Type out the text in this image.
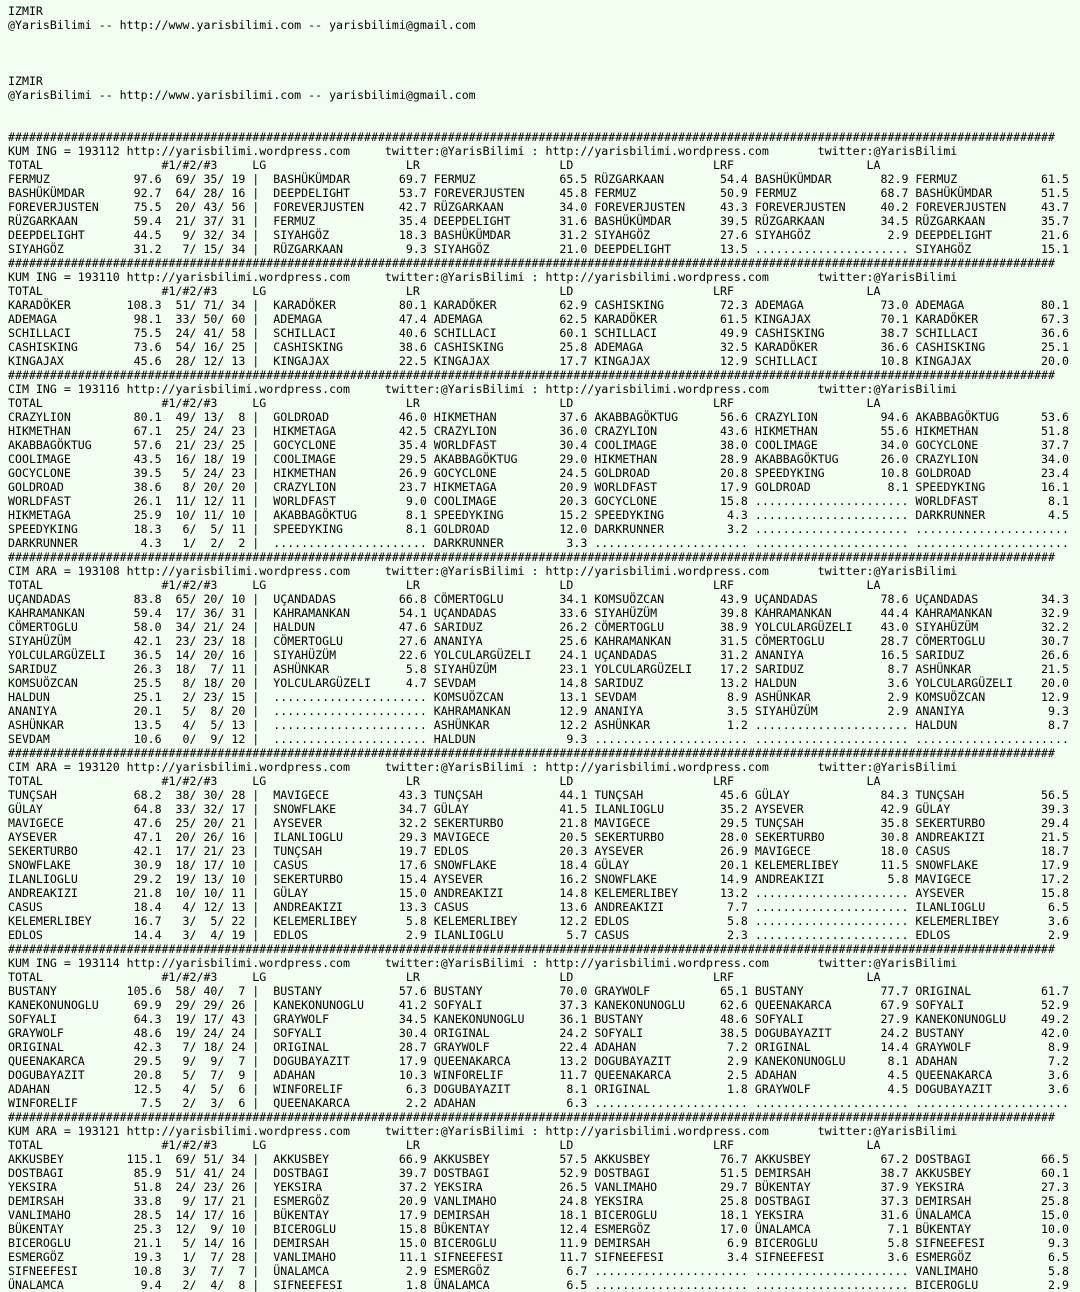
IZMIR
@YarisBilimi -- http://www.yarisbilimi.com -- yarisbilimi@gmail.com
IZMIR
@YarisBilimi -- http://www.yarisbilimi.com -- yarisbilimi@gmail.com
######################################################################################################################################################
KUM ING = 193112 http://yarisbilimi.wordpress.com     twitter:@YarisBilimi : http://yarisbilimi.wordpress.com       twitter:@YarisBilimi
TOTAL                 #1/#2/#3     LG                    LR                    LD                    LRF                   LA
FERMUZ            97.6  69/ 35/ 19 |  BASHÜKÜMDAR       69.7 FERMUZ            65.5 RÜZGARKAAN        54.4 BASHÜKÜMDAR       82.9 FERMUZ            61.5
BASHÜKÜMDAR       92.7  64/ 28/ 16 |  DEEPDELIGHT       53.7 FOREVERJUSTEN     45.8 FERMUZ            50.9 FERMUZ            68.7 BASHÜKÜMDAR       51.5
FOREVERJUSTEN     75.5  20/ 43/ 56 |  FOREVERJUSTEN     42.7 RÜZGARKAAN        34.0 FOREVERJUSTEN     43.3 FOREVERJUSTEN     40.2 FOREVERJUSTEN     43.7
RÜZGARKAAN        59.4  21/ 37/ 31 |  FERMUZ            35.4 DEEPDELIGHT       31.6 BASHÜKÜMDAR       39.5 RÜZGARKAAN        34.5 RÜZGARKAAN        35.7
DEEPDELIGHT       44.5   9/ 32/ 34 |  SIYAHGÖZ          18.3 BASHÜKÜMDAR       31.2 SIYAHGÖZ          27.6 SIYAHGÖZ           2.9 DEEPDELIGHT       21.6
SIYAHGÖZ          31.2   7/ 15/ 34 |  RÜZGARKAAN         9.3 SIYAHGÖZ          21.0 DEEPDELIGHT       13.5 ...................... SIYAHGÖZ          15.1
######################################################################################################################################################
KUM ING = 193110 http://yarisbilimi.wordpress.com     twitter:@YarisBilimi : http://yarisbilimi.wordpress.com       twitter:@YarisBilimi
TOTAL                 #1/#2/#3     LG                    LR                    LD                    LRF                   LA
KARADÖKER        108.3  51/ 71/ 34 |  KARADÖKER         80.1 KARADÖKER         62.9 CASHISKING        72.3 ADEMAGA           73.0 ADEMAGA           80.1
ADEMAGA           98.1  33/ 50/ 60 |  ADEMAGA           47.4 ADEMAGA           62.5 KARADÖKER         61.5 KINGAJAX          70.1 KARADÖKER         67.3
SCHILLACI         75.5  24/ 41/ 58 |  SCHILLACI         40.6 SCHILLACI         60.1 SCHILLACI         49.9 CASHISKING        38.7 SCHILLACI         36.6
CASHISKING        73.6  54/ 16/ 25 |  CASHISKING        38.6 CASHISKING        25.8 ADEMAGA           32.5 KARADÖKER         36.6 CASHISKING        25.1
KINGAJAX          45.6  28/ 12/ 13 |  KINGAJAX          22.5 KINGAJAX          17.7 KINGAJAX          12.9 SCHILLACI         10.8 KINGAJAX          20.0
######################################################################################################################################################
CIM ING = 193116 http://yarisbilimi.wordpress.com     twitter:@YarisBilimi : http://yarisbilimi.wordpress.com       twitter:@YarisBilimi
TOTAL                 #1/#2/#3     LG                    LR                    LD                    LRF                   LA
CRAZYLION         80.1  49/ 13/  8 |  GOLDROAD          46.0 HIKMETHAN         37.6 AKABBAGÖKTUG      56.6 CRAZYLION         94.6 AKABBAGÖKTUG      53.6
HIKMETHAN         67.1  25/ 24/ 23 |  HIKMETAGA         42.5 CRAZYLION         36.0 CRAZYLION         43.6 HIKMETHAN         55.6 HIKMETHAN         51.8
AKABBAGÖKTUG      57.6  21/ 23/ 25 |  GOCYCLONE         35.4 WORLDFAST         30.4 COOLIMAGE         38.0 COOLIMAGE         34.0 GOCYCLONE         37.7
COOLIMAGE         43.5  16/ 18/ 19 |  COOLIMAGE         29.5 AKABBAGÖKTUG      29.0 HIKMETHAN         28.9 AKABBAGÖKTUG      26.0 CRAZYLION         34.0
GOCYCLONE         39.5   5/ 24/ 23 |  HIKMETHAN         26.9 GOCYCLONE         24.5 GOLDROAD          20.8 SPEEDYKING        10.8 GOLDROAD          23.4
GOLDROAD          38.6   8/ 20/ 20 |  CRAZYLION         23.7 HIKMETAGA         20.9 WORLDFAST         17.9 GOLDROAD           8.1 SPEEDYKING        16.1
WORLDFAST         26.1  11/ 12/ 11 |  WORLDFAST          9.0 COOLIMAGE         20.3 GOCYCLONE         15.8 ...................... WORLDFAST          8.1
HIKMETAGA         25.9  10/ 11/ 10 |  AKABBAGÖKTUG       8.1 SPEEDYKING        15.2 SPEEDYKING         4.3 ...................... DARKRUNNER         4.5
SPEEDYKING        18.3   6/  5/ 11 |  SPEEDYKING         8.1 GOLDROAD          12.0 DARKRUNNER         3.2 ...................... ......................
DARKRUNNER         4.3   1/  2/  2 |  ...................... DARKRUNNER         3.3 ...................... ...................... ......................
######################################################################################################################################################
CIM ARA = 193108 http://yarisbilimi.wordpress.com     twitter:@YarisBilimi : http://yarisbilimi.wordpress.com       twitter:@YarisBilimi
TOTAL                 #1/#2/#3     LG                    LR                    LD                    LRF                   LA
UÇANDADAS         83.8  65/ 20/ 10 |  UÇANDADAS         66.8 CÖMERTOGLU        34.1 KOMSUÖZCAN        43.9 UÇANDADAS         78.6 UÇANDADAS         34.3
KAHRAMANKAN       59.4  17/ 36/ 31 |  KAHRAMANKAN       54.1 UÇANDADAS         33.6 SIYAHÜZÜM         39.8 KAHRAMANKAN       44.4 KAHRAMANKAN       32.9
CÖMERTOGLU        58.0  34/ 21/ 24 |  HALDUN            47.6 SARIDUZ           26.2 CÖMERTOGLU        38.9 YOLCULARGÜZELI    43.0 SIYAHÜZÜM         32.2
SIYAHÜZÜM         42.1  23/ 23/ 18 |  CÖMERTOGLU        27.6 ANANIYA           25.6 KAHRAMANKAN       31.5 CÖMERTOGLU        28.7 CÖMERTOGLU        30.7
YOLCULARGÜZELI    36.5  14/ 20/ 16 |  SIYAHÜZÜM         22.6 YOLCULARGÜZELI    24.1 UÇANDADAS         31.2 ANANIYA           16.5 SARIDUZ           26.6
SARIDUZ           26.3  18/  7/ 11 |  ASHÜNKAR           5.8 SIYAHÜZÜM         23.1 YOLCULARGÜZELI    17.2 SARIDUZ            8.7 ASHÜNKAR          21.5
KOMSUÖZCAN        25.5   8/ 18/ 20 |  YOLCULARGÜZELI     4.7 SEVDAM            14.8 SARIDUZ           13.2 HALDUN             3.6 YOLCULARGÜZELI    20.0
HALDUN            25.1   2/ 23/ 15 |  ...................... KOMSUÖZCAN        13.1 SEVDAM             8.9 ASHÜNKAR           2.9 KOMSUÖZCAN        12.9
ANANIYA           20.1   5/  8/ 20 |  ...................... KAHRAMANKAN       12.9 ANANIYA            3.5 SIYAHÜZÜM          2.9 ANANIYA            9.3
ASHÜNKAR          13.5   4/  5/ 13 |  ...................... ASHÜNKAR          12.2 ASHÜNKAR           1.2 ...................... HALDUN             8.7
SEVDAM            10.6   0/  9/ 12 |  ...................... HALDUN             9.3 ...................... ...................... ......................
######################################################################################################################################################
CIM ARA = 193120 http://yarisbilimi.wordpress.com     twitter:@YarisBilimi : http://yarisbilimi.wordpress.com       twitter:@YarisBilimi
TOTAL                 #1/#2/#3     LG                    LR                    LD                    LRF                   LA
TUNÇSAH           68.2  38/ 30/ 28 |  MAVIGECE          43.3 TUNÇSAH           44.1 TUNÇSAH           45.6 GÜLAY             84.3 TUNÇSAH           56.5
GÜLAY             64.8  33/ 32/ 17 |  SNOWFLAKE         34.7 GÜLAY             41.5 ILANLIOGLU        35.2 AYSEVER           42.9 GÜLAY             39.3
MAVIGECE          47.6  25/ 20/ 21 |  AYSEVER           32.2 SEKERTURBO        21.8 MAVIGECE          29.5 TUNÇSAH           35.8 SEKERTURBO        29.4
AYSEVER           47.1  20/ 26/ 16 |  ILANLIOGLU        29.3 MAVIGECE          20.5 SEKERTURBO        28.0 SEKERTURBO        30.8 ANDREAKIZI        21.5
SEKERTURBO        42.1  17/ 21/ 23 |  TUNÇSAH           19.7 EDLOS             20.3 AYSEVER           26.9 MAVIGECE          18.0 CASUS             18.7
SNOWFLAKE         30.9  18/ 17/ 10 |  CASUS             17.6 SNOWFLAKE         18.4 GÜLAY             20.1 KELEMERLIBEY      11.5 SNOWFLAKE         17.9
ILANLIOGLU        29.2  19/ 13/ 10 |  SEKERTURBO        15.4 AYSEVER           16.2 SNOWFLAKE         14.9 ANDREAKIZI         5.8 MAVIGECE          17.2
ANDREAKIZI        21.8  10/ 10/ 11 |  GÜLAY             15.0 ANDREAKIZI        14.8 KELEMERLIBEY      13.2 ...................... AYSEVER           15.8
CASUS             18.4   4/ 12/ 13 |  ANDREAKIZI        13.3 CASUS             13.6 ANDREAKIZI         7.7 ...................... ILANLIOGLU         6.5
KELEMERLIBEY      16.7   3/  5/ 22 |  KELEMERLIBEY       5.8 KELEMERLIBEY      12.2 EDLOS              5.8 ...................... KELEMERLIBEY       3.6
EDLOS             14.4   3/  4/ 19 |  EDLOS              2.9 ILANLIOGLU         5.7 CASUS              2.3 ...................... EDLOS              2.9
######################################################################################################################################################
KUM ING = 193114 http://yarisbilimi.wordpress.com     twitter:@YarisBilimi : http://yarisbilimi.wordpress.com       twitter:@YarisBilimi
TOTAL                 #1/#2/#3     LG                    LR                    LD                    LRF                   LA
BUSTANY          105.6  58/ 40/  7 |  BUSTANY           57.6 BUSTANY           70.0 GRAYWOLF          65.1 BUSTANY           77.7 ORIGINAL          61.7
KANEKONUNOGLU     69.9  29/ 29/ 26 |  KANEKONUNOGLU     41.2 SOFYALI           37.3 KANEKONUNOGLU     62.6 QUEENAKARCA       67.9 SOFYALI           52.9
SOFYALI           64.3  19/ 17/ 43 |  GRAYWOLF          34.5 KANEKONUNOGLU     36.1 BUSTANY           48.6 SOFYALI           27.9 KANEKONUNOGLU     49.2
GRAYWOLF          48.6  19/ 24/ 24 |  SOFYALI           30.4 ORIGINAL          24.2 SOFYALI           38.5 DOGUBAYAZIT       24.2 BUSTANY           42.0
ORIGINAL          42.3   7/ 18/ 24 |  ORIGINAL          28.7 GRAYWOLF          22.4 ADAHAN             7.2 ORIGINAL          14.4 GRAYWOLF           8.9
QUEENAKARCA       29.5   9/  9/  7 |  DOGUBAYAZIT       17.9 QUEENAKARCA       13.2 DOGUBAYAZIT        2.9 KANEKONUNOGLU      8.1 ADAHAN             7.2
DOGUBAYAZIT       20.8   5/  7/  9 |  ADAHAN            10.3 WINFORELIF        11.7 QUEENAKARCA        2.5 ADAHAN             4.5 QUEENAKARCA        3.6
ADAHAN            12.5   4/  5/  6 |  WINFORELIF         6.3 DOGUBAYAZIT        8.1 ORIGINAL           1.8 GRAYWOLF           4.5 DOGUBAYAZIT        3.6
WINFORELIF         7.5   2/  3/  6 |  QUEENAKARCA        2.2 ADAHAN             6.3 ...................... ...................... ......................
######################################################################################################################################################
KUM ARA = 193121 http://yarisbilimi.wordpress.com     twitter:@YarisBilimi : http://yarisbilimi.wordpress.com       twitter:@YarisBilimi
TOTAL                 #1/#2/#3     LG                    LR                    LD                    LRF                   LA
AKKUSBEY         115.1  69/ 51/ 34 |  AKKUSBEY          66.9 AKKUSBEY          57.5 AKKUSBEY          76.7 AKKUSBEY          67.2 DOSTBAGI          66.5
DOSTBAGI          85.9  51/ 41/ 24 |  DOSTBAGI          39.7 DOSTBAGI          52.9 DOSTBAGI          51.5 DEMIRSAH          38.7 AKKUSBEY          60.1
YEKSIRA           51.8  24/ 23/ 26 |  YEKSIRA           37.2 YEKSIRA           26.5 VANLIMAHO         29.7 BÜKENTAY          37.9 YEKSIRA           27.3
DEMIRSAH          33.8   9/ 17/ 21 |  ESMERGÖZ          20.9 VANLIMAHO         24.8 YEKSIRA           25.8 DOSTBAGI          37.3 DEMIRSAH          25.8
VANLIMAHO         28.5  14/ 17/ 16 |  BÜKENTAY          17.9 DEMIRSAH          18.1 BICEROGLU         18.1 YEKSIRA           31.6 ÜNALAMCA          15.0
BÜKENTAY          25.3  12/  9/ 10 |  BICEROGLU         15.8 BÜKENTAY          12.4 ESMERGÖZ          17.0 ÜNALAMCA           7.1 BÜKENTAY          10.0
BICEROGLU         21.1   5/ 14/ 16 |  DEMIRSAH          15.0 BICEROGLU         11.9 DEMIRSAH           6.9 BICEROGLU          5.8 SIFNEEFESI         9.3
ESMERGÖZ          19.3   1/  7/ 28 |  VANLIMAHO         11.1 SIFNEEFESI        11.7 SIFNEEFESI         3.4 SIFNEEFESI         3.6 ESMERGÖZ           6.5
SIFNEEFESI        10.8   3/  7/  7 |  ÜNALAMCA           2.9 ESMERGÖZ           6.7 ...................... ...................... VANLIMAHO          5.8
ÜNALAMCA           9.4   2/  4/  8 |  SIFNEEFESI         1.8 ÜNALAMCA           6.5 ...................... ...................... BICEROGLU          2.9
